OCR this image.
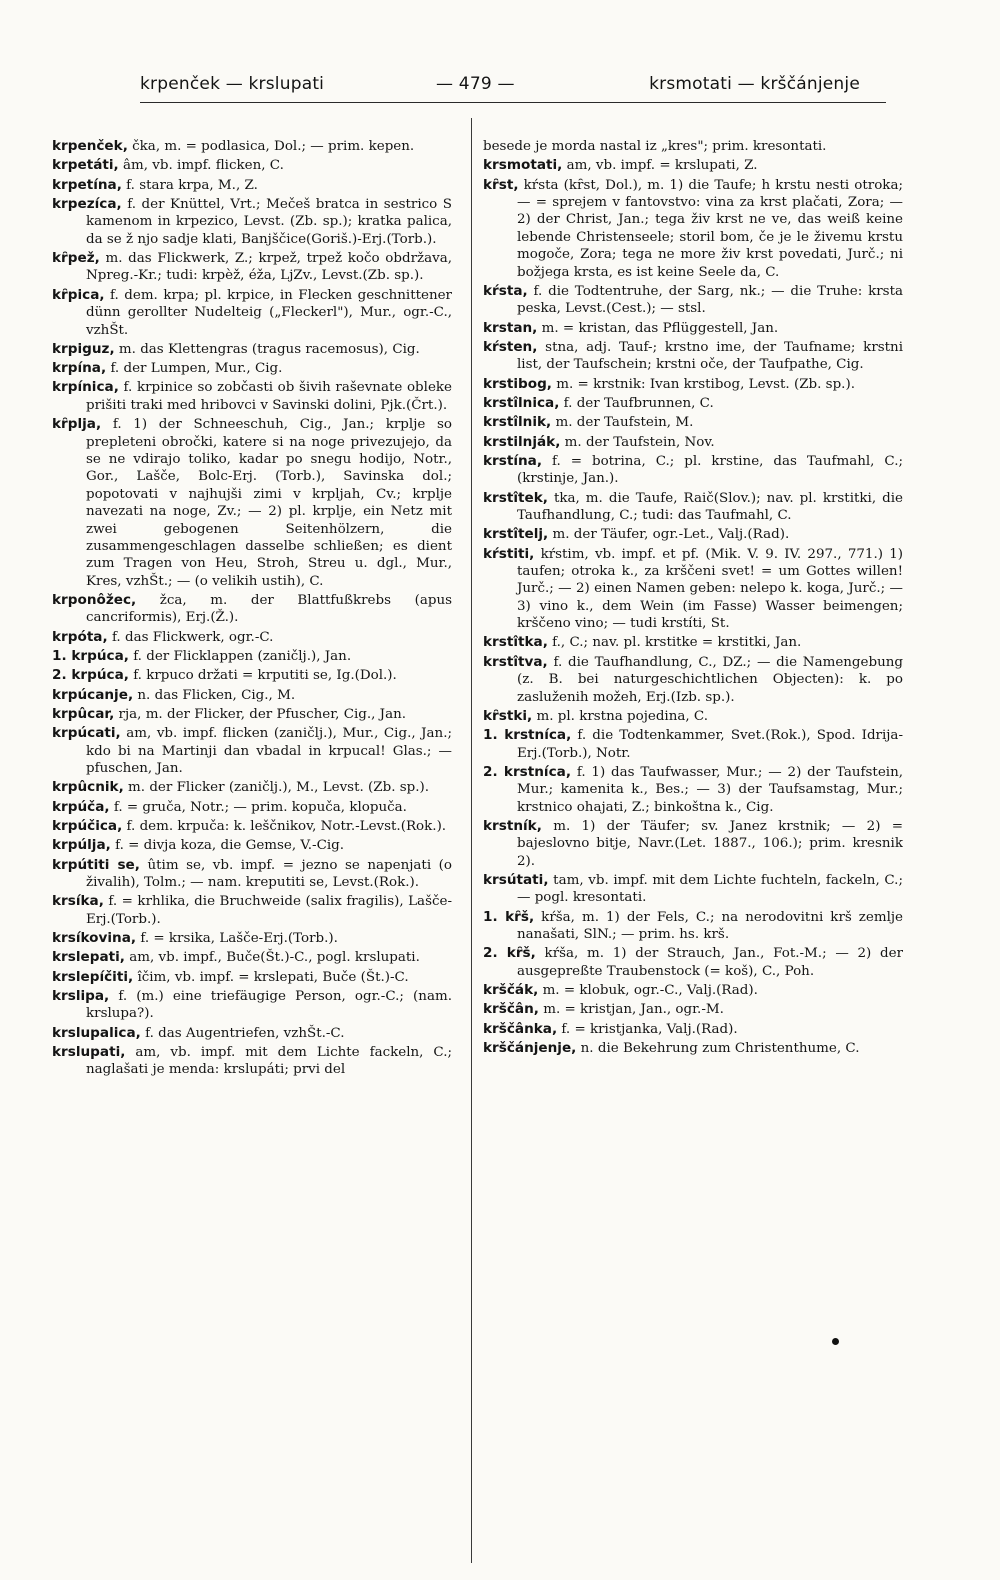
krpenček — krslupati	— 479 —	krsmotati — krščánjenje

krpenček, čka, m. = podlasica, Dol.; — prim. kepen.

krpetáti, âm, vb. impf. flicken, C.

krpetína, f. stara krpa, M., Z.

krpezíca, f. der Knüttel, Vrt.; Mečeš bratca in sestrico S kamenom in krpezico, Levst. (Zb. sp.); kratka palica, da se ž njo sadje klati, Banjščice(Goriš.)-Erj.(Torb.).

kȓpež, m. das Flickwerk, Z.; krpež, trpež kočo obdržava, Npreg.-Kr.; tudi: krpèž, éža, LjZv., Levst.(Zb. sp.).

kȓpica, f. dem. krpa; pl. krpice, in Flecken geschnittener dünn gerollter Nudelteig („Fleckerl"), Mur., ogr.-C., vzhŠt.

krpiguz, m. das Klettengras (tragus racemosus), Cig.

krpína, f. der Lumpen, Mur., Cig.

krpínica, f. krpinice so zobčasti ob šivih raševnate obleke prišiti traki med hribovci v Savinski dolini, Pjk.(Črt.).

kȓplja, f. 1) der Schneeschuh, Cig., Jan.; krplje so prepleteni obročki, katere si na noge privezujejo, da se ne vdirajo toliko, kadar po snegu hodijo, Notr., Gor., Lašče, Bolc-Erj. (Torb.), Savinska dol.; popotovati v najhujši zimi v krpljah, Cv.; krplje navezati na noge, Zv.; — 2) pl. krplje, ein Netz mit zwei gebogenen Seitenhölzern, die zusammengeschlagen dasselbe schließen; es dient zum Tragen von Heu, Stroh, Streu u. dgl., Mur., Kres, vzhŠt.; — (o velikih ustih), C.

krponôžec, žca, m. der Blattfußkrebs (apus cancriformis), Erj.(Ž.).

krpóta, f. das Flickwerk, ogr.-C.

1. krpúca, f. der Flicklappen (zaničlj.), Jan.

2. krpúca, f. krpuco držati = krputiti se, Ig.(Dol.).

krpúcanje, n. das Flicken, Cig., M.

krpûcar, rja, m. der Flicker, der Pfuscher, Cig., Jan.

krpúcati, am, vb. impf. flicken (zaničlj.), Mur., Cig., Jan.; kdo bi na Martinji dan vbadal in krpucal! Glas.; — pfuschen, Jan.

krpûcnik, m. der Flicker (zaničlj.), M., Levst. (Zb. sp.).

krpúča, f. = gruča, Notr.; — prim. kopuča, klopuča.

krpúčica, f. dem. krpuča: k. leščnikov, Notr.-Levst.(Rok.).

krpúlja, f. = divja koza, die Gemse, V.-Cig.

krpútiti se, ûtim se, vb. impf. = jezno se napenjati (o živalih), Tolm.; — nam. kreputiti se, Levst.(Rok.).

krsíka, f. = krhlika, die Bruchweide (salix fragilis), Lašče-Erj.(Torb.).

krsíkovina, f. = krsika, Lašče-Erj.(Torb.).

krslepati, am, vb. impf., Buče(Št.)-C., pogl. krslupati.

krslepíčiti, îčim, vb. impf. = krslepati, Buče (Št.)-C.

krslipa, f. (m.) eine triefäugige Person, ogr.-C.; (nam. krslupa?).

krslupalica, f. das Augentriefen, vzhŠt.-C.

krslupati, am, vb. impf. mit dem Lichte fackeln, C.; naglašati je menda: krslupáti; prvi del

besede je morda nastal iz „kres"; prim. kresontati.

krsmotati, am, vb. impf. = krslupati, Z.

kȓst, kŕsta (kȓst, Dol.), m. 1) die Taufe; h krstu nesti otroka; — = sprejem v fantovstvo: vina za krst plačati, Zora; — 2) der Christ, Jan.; tega živ krst ne ve, das weiß keine lebende Christenseele; storil bom, če je le živemu krstu mogoče, Zora; tega ne more živ krst povedati, Jurč.; ni božjega krsta, es ist keine Seele da, C.

kŕsta, f. die Todtentruhe, der Sarg, nk.; — die Truhe: krsta peska, Levst.(Cest.); — stsl.

krstan, m. = kristan, das Pflüggestell, Jan.

kŕsten, stna, adj. Tauf-; krstno ime, der Taufname; krstni list, der Taufschein; krstni oče, der Taufpathe, Cig.

krstibog, m. = krstnik: Ivan krstibog, Levst. (Zb. sp.).

krstîlnica, f. der Taufbrunnen, C.

krstîlnik, m. der Taufstein, M.

krstilnják, m. der Taufstein, Nov.

krstína, f. = botrina, C.; pl. krstine, das Taufmahl, C.; (krstinje, Jan.).

krstîtek, tka, m. die Taufe, Raič(Slov.); nav. pl. krstitki, die Taufhandlung, C.; tudi: das Taufmahl, C.

krstîtelj, m. der Täufer, ogr.-Let., Valj.(Rad).

kŕstiti, kŕstim, vb. impf. et pf. (Mik. V. 9. IV. 297., 771.) 1) taufen; otroka k., za krščeni svet! = um Gottes willen! Jurč.; — 2) einen Namen geben: nelepo k. koga, Jurč.; — 3) vino k., dem Wein (im Fasse) Wasser beimengen; krščeno vino; — tudi krstíti, St.

krstîtka, f., C.; nav. pl. krstitke = krstitki, Jan.

krstîtva, f. die Taufhandlung, C., DZ.; — die Namengebung (z. B. bei naturgeschichtlichen Objecten): k. po zasluženih možeh, Erj.(Izb. sp.).

kȓstki, m. pl. krstna pojedina, C.

1. krstníca, f. die Todtenkammer, Svet.(Rok.), Spod. Idrija-Erj.(Torb.), Notr.

2. krstníca, f. 1) das Taufwasser, Mur.; — 2) der Taufstein, Mur.; kamenita k., Bes.; — 3) der Taufsamstag, Mur.; krstnico ohajati, Z.; binkoštna k., Cig.

krstník, m. 1) der Täufer; sv. Janez krstnik; — 2) = bajeslovno bitje, Navr.(Let. 1887., 106.); prim. kresnik 2).

krsútati, tam, vb. impf. mit dem Lichte fuchteln, fackeln, C.; — pogl. kresontati.

1. kȓš, kŕša, m. 1) der Fels, C.; na nerodovitni krš zemlje nanašati, SlN.; — prim. hs. krš.

2. kȓš, kŕša, m. 1) der Strauch, Jan., Fot.-M.; — 2) der ausgepreßte Traubenstock (= koš), C., Poh.

krščák, m. = klobuk, ogr.-C., Valj.(Rad).

krščân, m. = kristjan, Jan., ogr.-M.

krščânka, f. = kristjanka, Valj.(Rad).

krščánjenje, n. die Bekehrung zum Christenthume, C.
